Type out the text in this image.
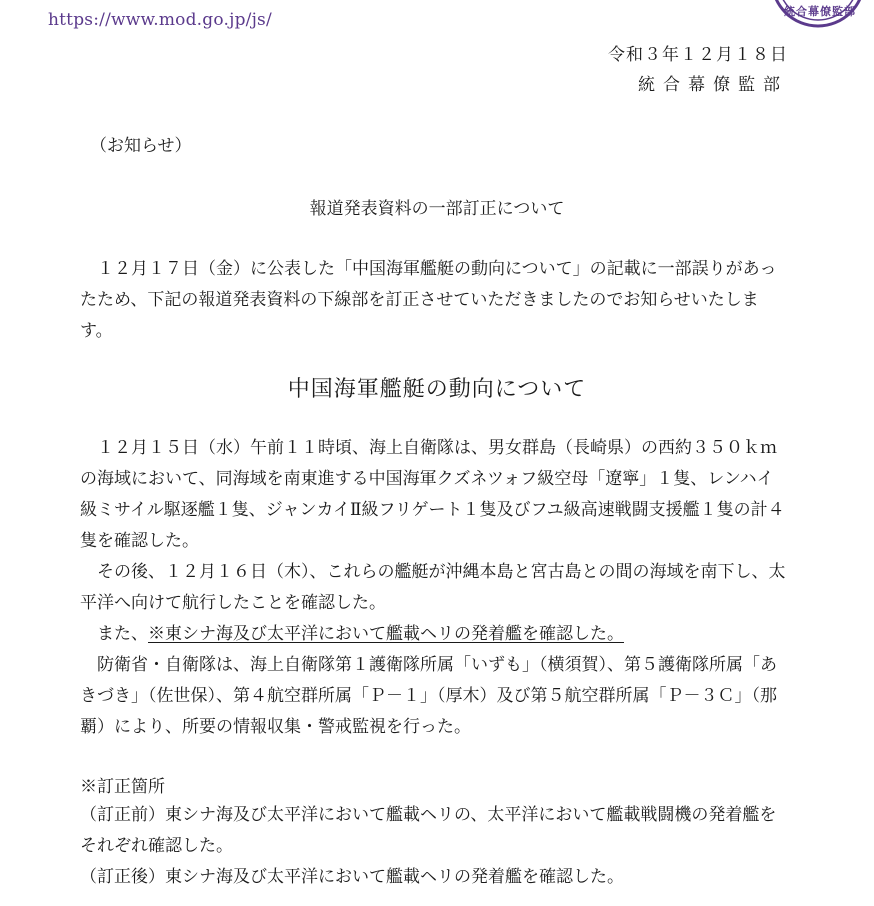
https://www.mod.go.jp/js/	統合幕僚監部
令和３年１２月１８日
統合幕僚監部
（お知らせ）
報道発表資料の一部訂正について

１２月１７日（金）に公表した「中国海軍艦艇の動向について」の記載に一部誤りがあったため、下記の報道発表資料の下線部を訂正させていただきましたのでお知らせいたします。

中国海軍艦艇の動向について

１２月１５日（水）午前１１時頃、海上自衛隊は、男女群島（長崎県）の西約３５０ｋｍの海域において、同海域を南東進する中国海軍クズネツォフ級空母「遼寧」１隻、レンハイ級ミサイル駆逐艦１隻、ジャンカイⅡ級フリゲート１隻及びフユ級高速戦闘支援艦１隻の計４隻を確認した。

その後、１２月１６日（木）、これらの艦艇が沖縄本島と宮古島との間の海域を南下し、太平洋へ向けて航行したことを確認した。

また、※東シナ海及び太平洋において艦載ヘリの発着艦を確認した。

防衛省・自衛隊は、海上自衛隊第１護衛隊所属「いずも」（横須賀）、第５護衛隊所属「あきづき」（佐世保）、第４航空群所属「Ｐ－１」（厚木）及び第５航空群所属「Ｐ－３Ｃ」（那覇）により、所要の情報収集・警戒監視を行った。

※訂正箇所

（訂正前）東シナ海及び太平洋において艦載ヘリの、太平洋において艦載戦闘機の発着艦をそれぞれ確認した。

（訂正後）東シナ海及び太平洋において艦載ヘリの発着艦を確認した。
